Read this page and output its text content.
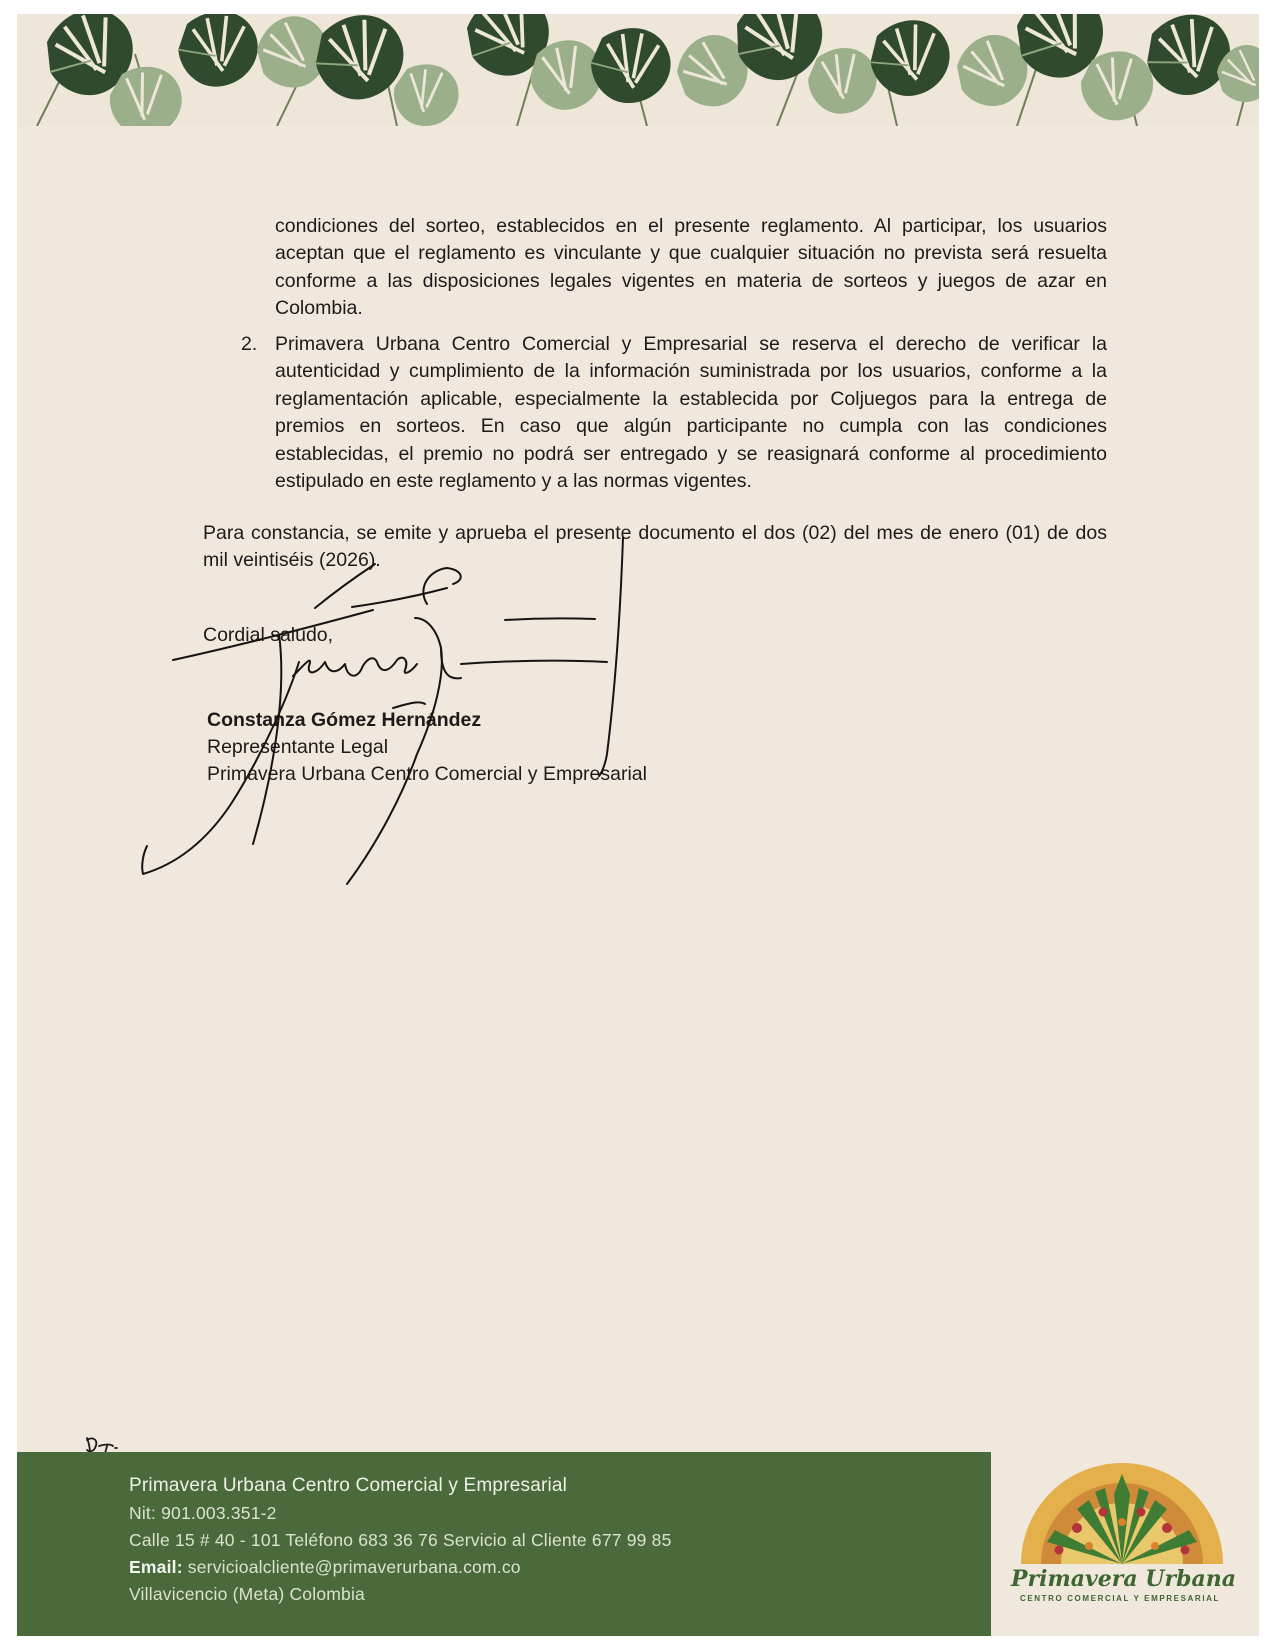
condiciones del sorteo, establecidos en el presente reglamento. Al participar, los usuarios aceptan que el reglamento es vinculante y que cualquier situación no prevista será resuelta conforme a las disposiciones legales vigentes en materia de sorteos y juegos de azar en Colombia.
2. Primavera Urbana Centro Comercial y Empresarial se reserva el derecho de verificar la autenticidad y cumplimiento de la información suministrada por los usuarios, conforme a la reglamentación aplicable, especialmente la establecida por Coljuegos para la entrega de premios en sorteos. En caso que algún participante no cumpla con las condiciones establecidas, el premio no podrá ser entregado y se reasignará conforme al procedimiento estipulado en este reglamento y a las normas vigentes.
Para constancia, se emite y aprueba el presente documento el dos (02) del mes de enero (01) de dos mil veintiséis (2026).
Cordial saludo,
Constanza Gómez Hernández
Representante Legal
Primavera Urbana Centro Comercial y Empresarial
Primavera Urbana Centro Comercial y Empresarial
Nit: 901.003.351-2
Calle 15 # 40 - 101 Teléfono 683 36 76 Servicio al Cliente 677 99 85
Email: servicioalcliente@primaverurbana.com.co
Villavicencio (Meta) Colombia
Primavera Urbana
CENTRO COMERCIAL Y EMPRESARIAL
